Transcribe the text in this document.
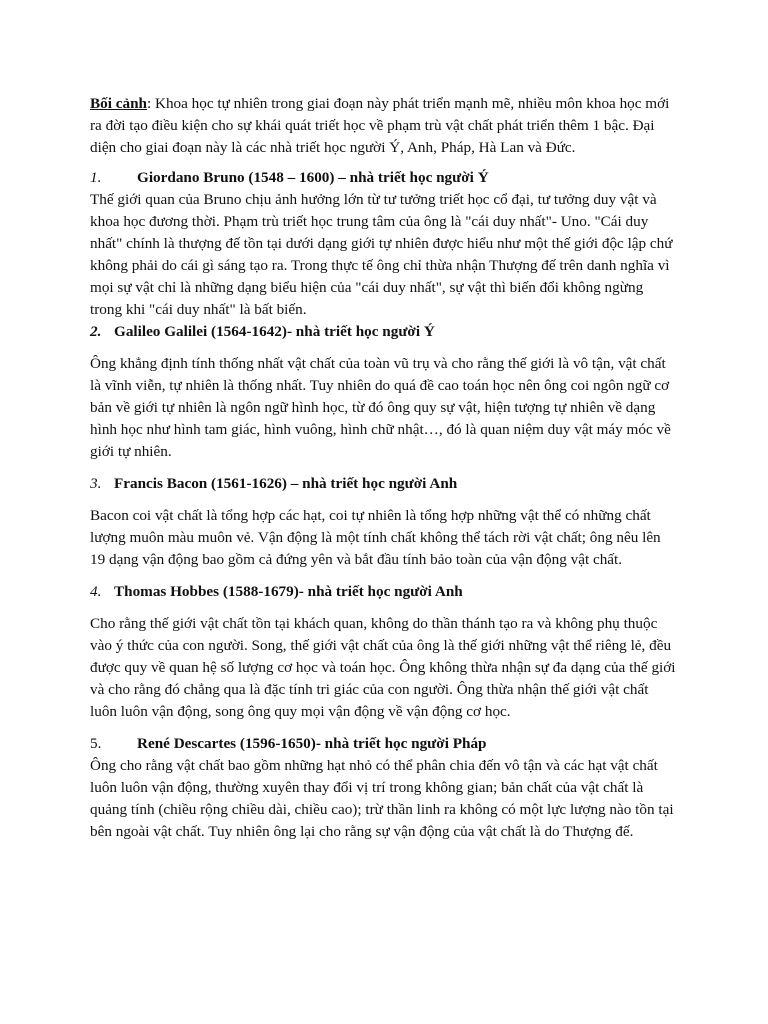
Bối cảnh: Khoa học tự nhiên trong giai đoạn này phát triển mạnh mẽ, nhiều môn khoa học mới ra đời tạo điều kiện cho sự khái quát triết học về phạm trù vật chất phát triển thêm 1 bậc. Đại diện cho giai đoạn này là các nhà triết học người Ý, Anh, Pháp, Hà Lan và Đức.

1.	Giordano Bruno (1548 – 1600) – nhà triết học người Ý

Thế giới quan của Bruno chịu ảnh hưởng lớn từ tư tưởng triết học cổ đại, tư tưởng duy vật và khoa học đương thời. Phạm trù triết học trung tâm của ông là "cái duy nhất"- Uno. "Cái duy nhất" chính là thượng đế tồn tại dưới dạng giới tự nhiên được hiểu như một thế giới độc lập chứ không phải do cái gì sáng tạo ra. Trong thực tế ông chỉ thừa nhận Thượng đế trên danh nghĩa vì mọi sự vật chỉ là những dạng biểu hiện của "cái duy nhất", sự vật thì biến đổi không ngừng trong khi "cái duy nhất" là bất biến.

2. Galileo Galilei (1564-1642)- nhà triết học người Ý

Ông khẳng định tính thống nhất vật chất của toàn vũ trụ và cho rằng thế giới là vô tận, vật chất là vĩnh viễn, tự nhiên là thống nhất. Tuy nhiên do quá đề cao toán học nên ông coi ngôn ngữ cơ bản về giới tự nhiên là ngôn ngữ hình học, từ đó ông quy sự vật, hiện tượng tự nhiên về dạng hình học như hình tam giác, hình vuông, hình chữ nhật…, đó là quan niệm duy vật máy móc về giới tự nhiên.

3. Francis Bacon (1561-1626) – nhà triết học người Anh

Bacon coi vật chất là tổng hợp các hạt, coi tự nhiên là tổng hợp những vật thể có những chất lượng muôn màu muôn vẻ. Vận động là một tính chất không thể tách rời vật chất; ông nêu lên 19 dạng vận động bao gồm cả đứng yên và bắt đầu tính bảo toàn của vận động vật chất.

4. Thomas Hobbes (1588-1679)- nhà triết học người Anh

Cho rằng thế giới vật chất tồn tại khách quan, không do thần thánh tạo ra và không phụ thuộc vào ý thức của con người. Song, thế giới vật chất của ông là thế giới những vật thể riêng lẻ, đều được quy về quan hệ số lượng cơ học và toán học. Ông không thừa nhận sự đa dạng của thế giới và cho rằng đó chẳng qua là đặc tính tri giác của con người. Ông thừa nhận thế giới vật chất luôn luôn vận động, song ông quy mọi vận động về vận động cơ học.

5.	René Descartes (1596-1650)- nhà triết học người Pháp

Ông cho rằng vật chất bao gồm những hạt nhỏ có thể phân chia đến vô tận và các hạt vật chất luôn luôn vận động, thường xuyên thay đổi vị trí trong không gian; bản chất của vật chất là quảng tính (chiều rộng chiều dài, chiều cao); trừ thần linh ra không có một lực lượng nào tồn tại bên ngoài vật chất. Tuy nhiên ông lại cho rằng sự vận động của vật chất là do Thượng đế.
